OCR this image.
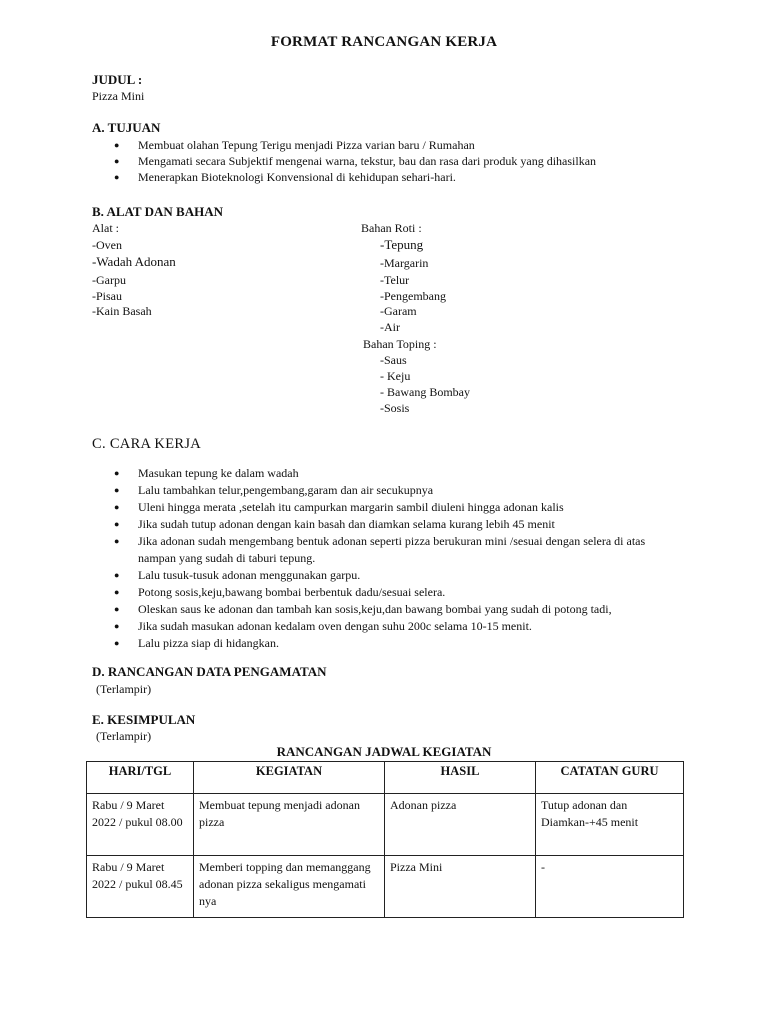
FORMAT RANCANGAN KERJA
JUDUL :
Pizza Mini
A. TUJUAN
● Membuat olahan Tepung Terigu menjadi Pizza varian baru / Rumahan
● Mengamati secara Subjektif mengenai warna, tekstur, bau dan rasa dari produk yang dihasilkan
● Menerapkan Bioteknologi Konvensional di kehidupan sehari-hari.
B. ALAT DAN BAHAN
Alat :
-Oven
-Wadah Adonan
-Garpu
-Pisau
-Kain Basah
Bahan Roti :
-Tepung
-Margarin
-Telur
-Pengembang
-Garam
-Air
Bahan Toping :
-Saus
- Keju
- Bawang Bombay
-Sosis
C. CARA KERJA
● Masukan tepung ke dalam wadah
● Lalu tambahkan telur,pengembang,garam dan air secukupnya
● Uleni hingga merata ,setelah itu campurkan margarin sambil diuleni hingga adonan kalis
● Jika sudah tutup adonan dengan kain basah dan diamkan selama kurang lebih 45 menit
● Jika adonan sudah mengembang bentuk adonan seperti pizza berukuran mini /sesuai dengan selera di atas nampan yang sudah di taburi tepung.
● Lalu tusuk-tusuk adonan menggunakan garpu.
● Potong sosis,keju,bawang bombai berbentuk dadu/sesuai selera.
● Oleskan saus ke adonan dan tambah kan sosis,keju,dan bawang bombai yang sudah di potong tadi,
● Jika sudah masukan adonan kedalam oven dengan suhu 200c selama 10-15 menit.
● Lalu pizza siap di hidangkan.
D. RANCANGAN DATA PENGAMATAN
(Terlampir)
E. KESIMPULAN
(Terlampir)
RANCANGAN JADWAL KEGIATAN
HARI/TGL	KEGIATAN	HASIL	CATATAN GURU
Rabu / 9 Maret 2022 / pukul 08.00	Membuat tepung menjadi adonan pizza	Adonan pizza	Tutup adonan dan Diamkan-+45 menit
Rabu / 9 Maret 2022 / pukul 08.45	Memberi topping dan memanggang adonan pizza sekaligus mengamati nya	Pizza Mini	-
